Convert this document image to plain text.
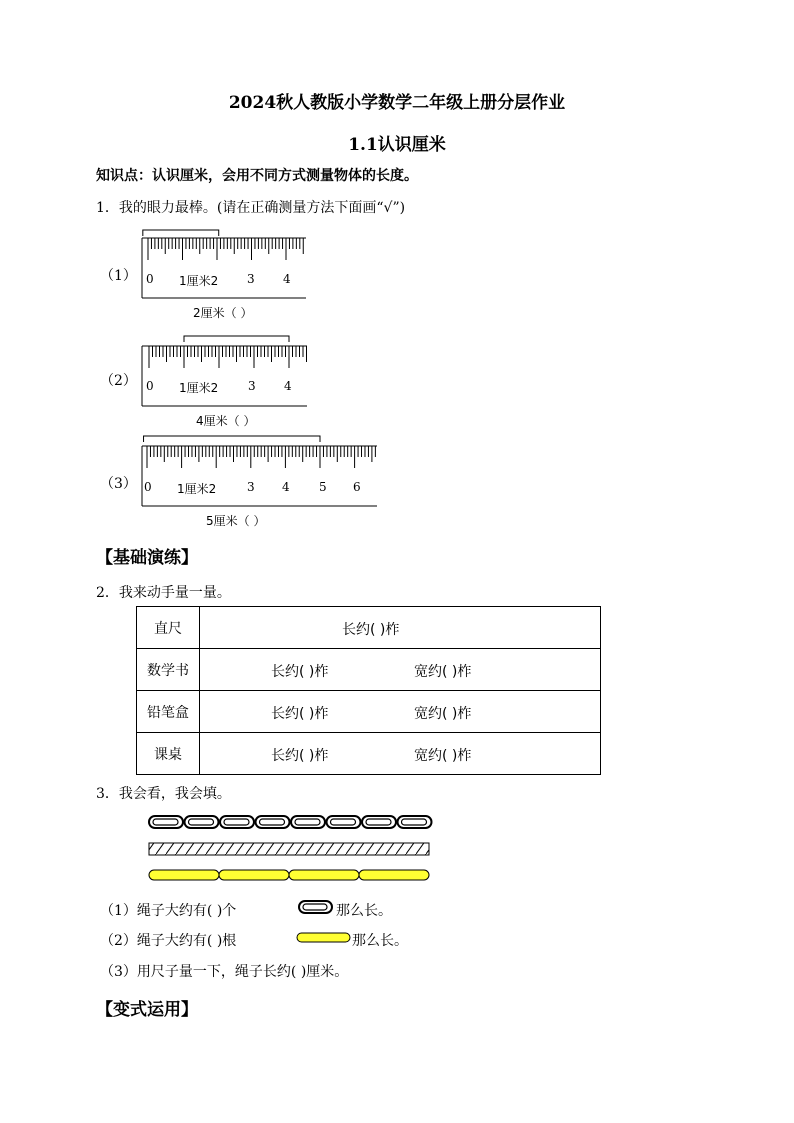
2024秋人教版小学数学二年级上册分层作业
1.1认识厘米
知识点：认识厘米，会用不同方式测量物体的长度。
1．我的眼力最棒。(请在正确测量方法下面画“√”)
（1） 0 1厘米2 3 4
2厘米（ ）
（2） 0 1厘米2 3 4
4厘米（ ）
（3） 0 1厘米2	3 4 5 6
5厘米（ ）
【基础演练】
2．我来动手量一量。
直尺	长约( )柞

数学书	长约( )柞 宽约( )柞

铅笔盒	长约( )柞 宽约( )柞

课桌	长约( )柞 宽约( )柞
3．我会看，我会填。
（1）绳子大约有( )个	那么长。
（2）绳子大约有( )根	那么长。
（3）用尺子量一下，绳子长约( )厘米。
【变式运用】
